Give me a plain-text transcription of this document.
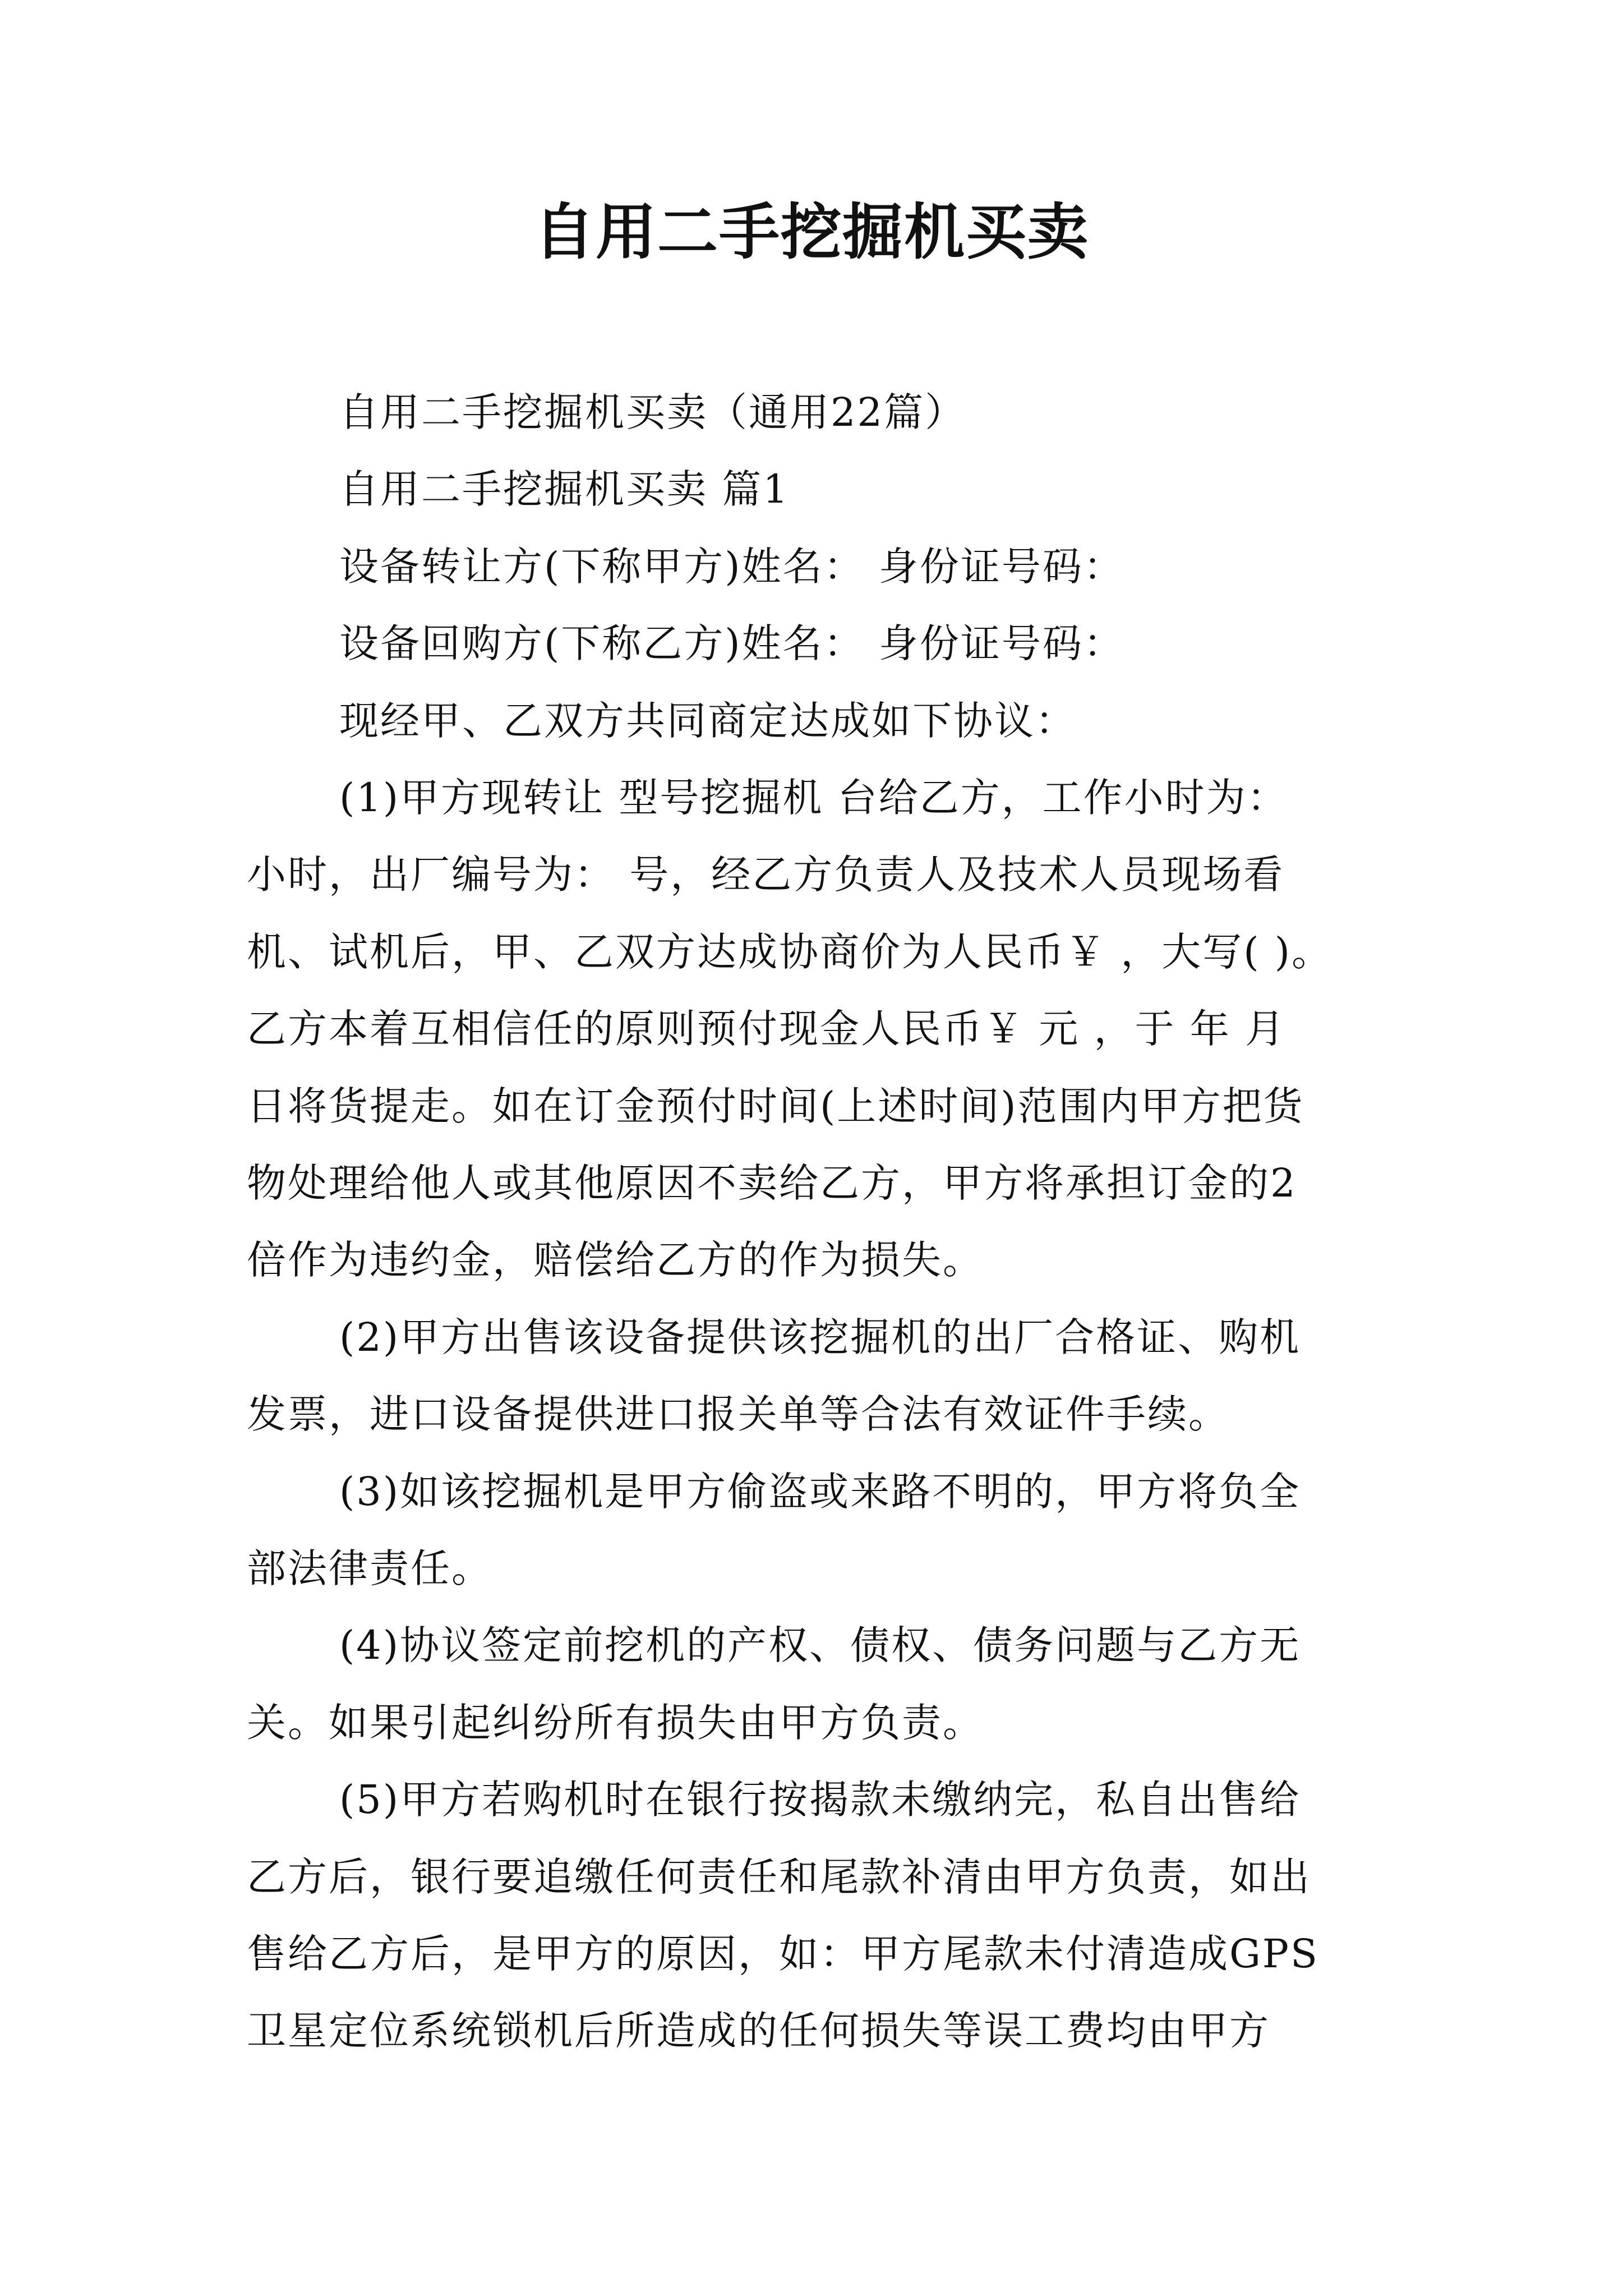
自用二手挖掘机买卖
自用二手挖掘机买卖（通用22篇）
自用二手挖掘机买卖 篇1
设备转让方(下称甲方)姓名： 身份证号码：
设备回购方(下称乙方)姓名： 身份证号码：
现经甲、乙双方共同商定达成如下协议：
(1)甲方现转让 型号挖掘机 台给乙方，工作小时为：
小时，出厂编号为： 号，经乙方负责人及技术人员现场看
机、试机后，甲、乙双方达成协商价为人民币￥ ，大写( )。
乙方本着互相信任的原则预付现金人民币￥ 元 ，于 年 月
日将货提走。如在订金预付时间(上述时间)范围内甲方把货
物处理给他人或其他原因不卖给乙方，甲方将承担订金的2
倍作为违约金，赔偿给乙方的作为损失。
(2)甲方出售该设备提供该挖掘机的出厂合格证、购机
发票，进口设备提供进口报关单等合法有效证件手续。
(3)如该挖掘机是甲方偷盗或来路不明的，甲方将负全
部法律责任。
(4)协议签定前挖机的产权、债权、债务问题与乙方无
关。如果引起纠纷所有损失由甲方负责。
(5)甲方若购机时在银行按揭款未缴纳完，私自出售给
乙方后，银行要追缴任何责任和尾款补清由甲方负责，如出
售给乙方后，是甲方的原因，如：甲方尾款未付清造成GPS
卫星定位系统锁机后所造成的任何损失等误工费均由甲方
